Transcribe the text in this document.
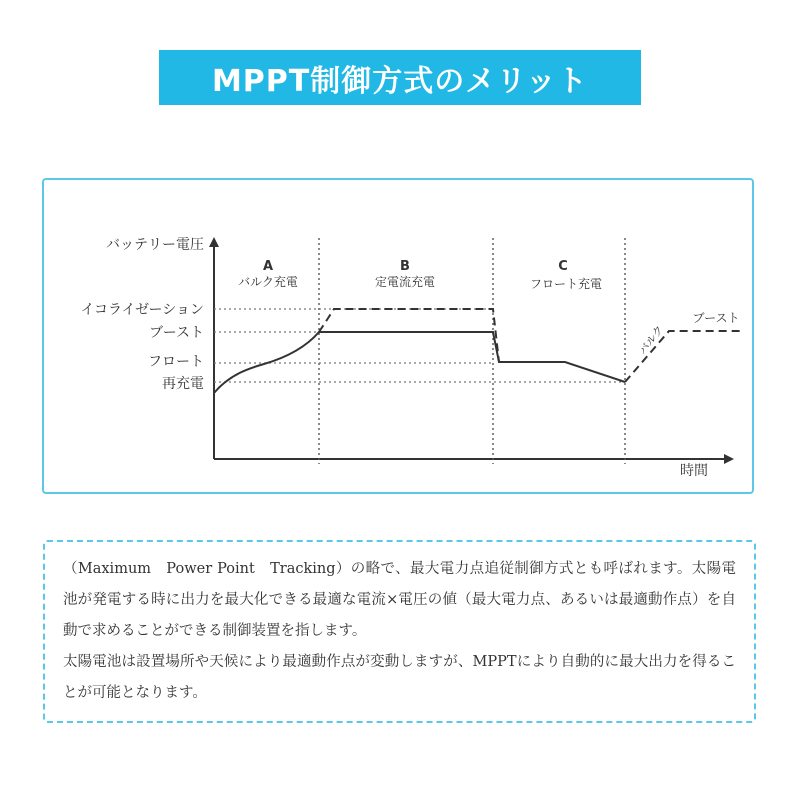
MPPT制御方式のメリット
バッテリー電圧
時間
イコライゼーション
ブースト
フロート
再充電
A
バルク充電
B
定電流充電
C
フロート充電
バルク
ブースト

（Maximum　Power Point　Tracking）の略で、最大電力点追従制御方式とも呼ばれます。太陽電池が発電する時に出力を最大化できる最適な電流×電圧の値（最大電力点、あるいは最適動作点）を自動で求めることができる制御装置を指します。

太陽電池は設置場所や天候により最適動作点が変動しますが、MPPTにより自動的に最大出力を得ることが可能となります。
